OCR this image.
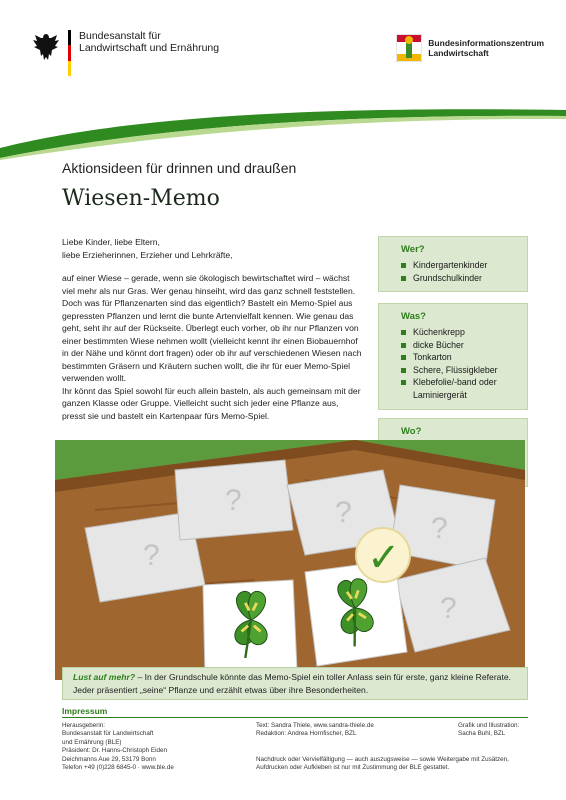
Bundesanstalt für
Landwirtschaft und Ernährung	Bundesinformationszentrum
Landwirtschaft
Aktionsideen für drinnen und draußen
Wiesen-Memo

Liebe Kinder, liebe Eltern,

liebe Erzieherinnen, Erzieher und Lehrkräfte,

auf einer Wiese – gerade, wenn sie ökologisch bewirtschaftet wird – wächst viel mehr als nur Gras. Wer genau hinseiht, wird das ganz schnell feststellen. Doch was für Pflanzenarten sind das eigentlich? Bastelt ein Memo-Spiel aus gepressten Pflanzen und lernt die bunte Artenvielfalt kennen. Wie genau das geht, seht ihr auf der Rückseite. Überlegt euch vorher, ob ihr nur Pflanzen von einer bestimmten Wiese nehmen wollt (vielleicht kennt ihr einen Biobauernhof in der Nähe und könnt dort fragen) oder ob ihr auf verschiedenen Wiesen nach bestimmten Gräsern und Kräutern suchen wollt, die ihr für euer Memo-Spiel verwenden wollt.

Ihr könnt das Spiel sowohl für euch allein basteln, als auch gemeinsam mit der ganzen Klasse oder Gruppe. Vielleicht sucht sich jeder eine Pflanze aus, presst sie und bastelt ein Kartenpaar fürs Memo-Spiel.

Wer?
Kindergartenkinder
Grundschulkinder
Was?
Küchenkrepp
dicke Bücher
Tonkarton
Schere, Flüssigkleber
Klebefolie/-band oder Laminiergerät
Wo?
?
?	?	?
?
✓
Lust auf mehr? – In der Grundschule könnte das Memo-Spiel ein toller Anlass sein für erste, ganz kleine Referate. Jeder präsentiert „seine“ Pflanze und erzählt etwas über ihre Besonderheiten.
Impressum
Herausgeberin:
Bundesanstalt für Landwirtschaft
und Ernährung (BLE)
Präsident: Dr. Hanns-Christoph Eiden
Deichmanns Aue 29, 53179 Bonn
Telefon +49 (0)228 6845-0 · www.ble.de
Text: Sandra Thiele, www.sandra-thiele.de
Redaktion: Andrea Hornfischer, BZL
Nachdruck oder Vervielfältigung — auch auszugsweise — sowie Weitergabe mit Zusätzen,
Aufdrucken oder Aufkleben ist nur mit Zustimmung der BLE gestattet.
Grafik und Illustration:
Sacha Buhl, BZL
